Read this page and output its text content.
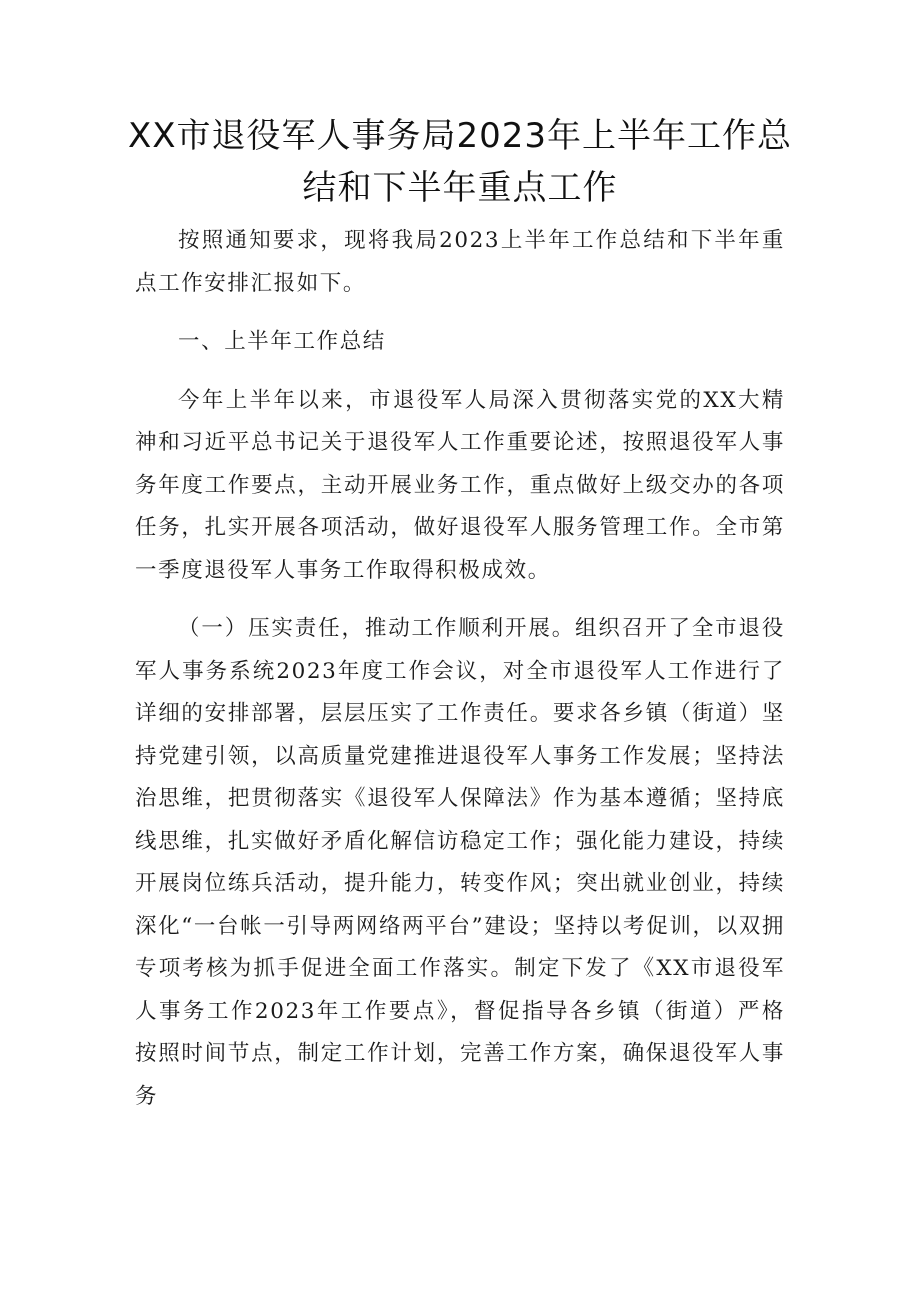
XX市退役军人事务局2023年上半年工作总
结和下半年重点工作

按照通知要求，现将我局2023上半年工作总结和下半年重点工作安排汇报如下。

一、上半年工作总结

今年上半年以来，市退役军人局深入贯彻落实党的XX大精神和习近平总书记关于退役军人工作重要论述，按照退役军人事务年度工作要点，主动开展业务工作，重点做好上级交办的各项任务，扎实开展各项活动，做好退役军人服务管理工作。全市第一季度退役军人事务工作取得积极成效。

（一）压实责任，推动工作顺利开展。组织召开了全市退役军人事务系统2023年度工作会议，对全市退役军人工作进行了详细的安排部署，层层压实了工作责任。要求各乡镇（街道）坚持党建引领，以高质量党建推进退役军人事务工作发展；坚持法治思维，把贯彻落实《退役军人保障法》作为基本遵循；坚持底线思维，扎实做好矛盾化解信访稳定工作；强化能力建设，持续开展岗位练兵活动，提升能力，转变作风；突出就业创业，持续深化“一台帐一引导两网络两平台”建设；坚持以考促训，以双拥专项考核为抓手促进全面工作落实。制定下发了《XX市退役军人事务工作2023年工作要点》，督促指导各乡镇（街道）严格按照时间节点，制定工作计划，完善工作方案，确保退役军人事务
